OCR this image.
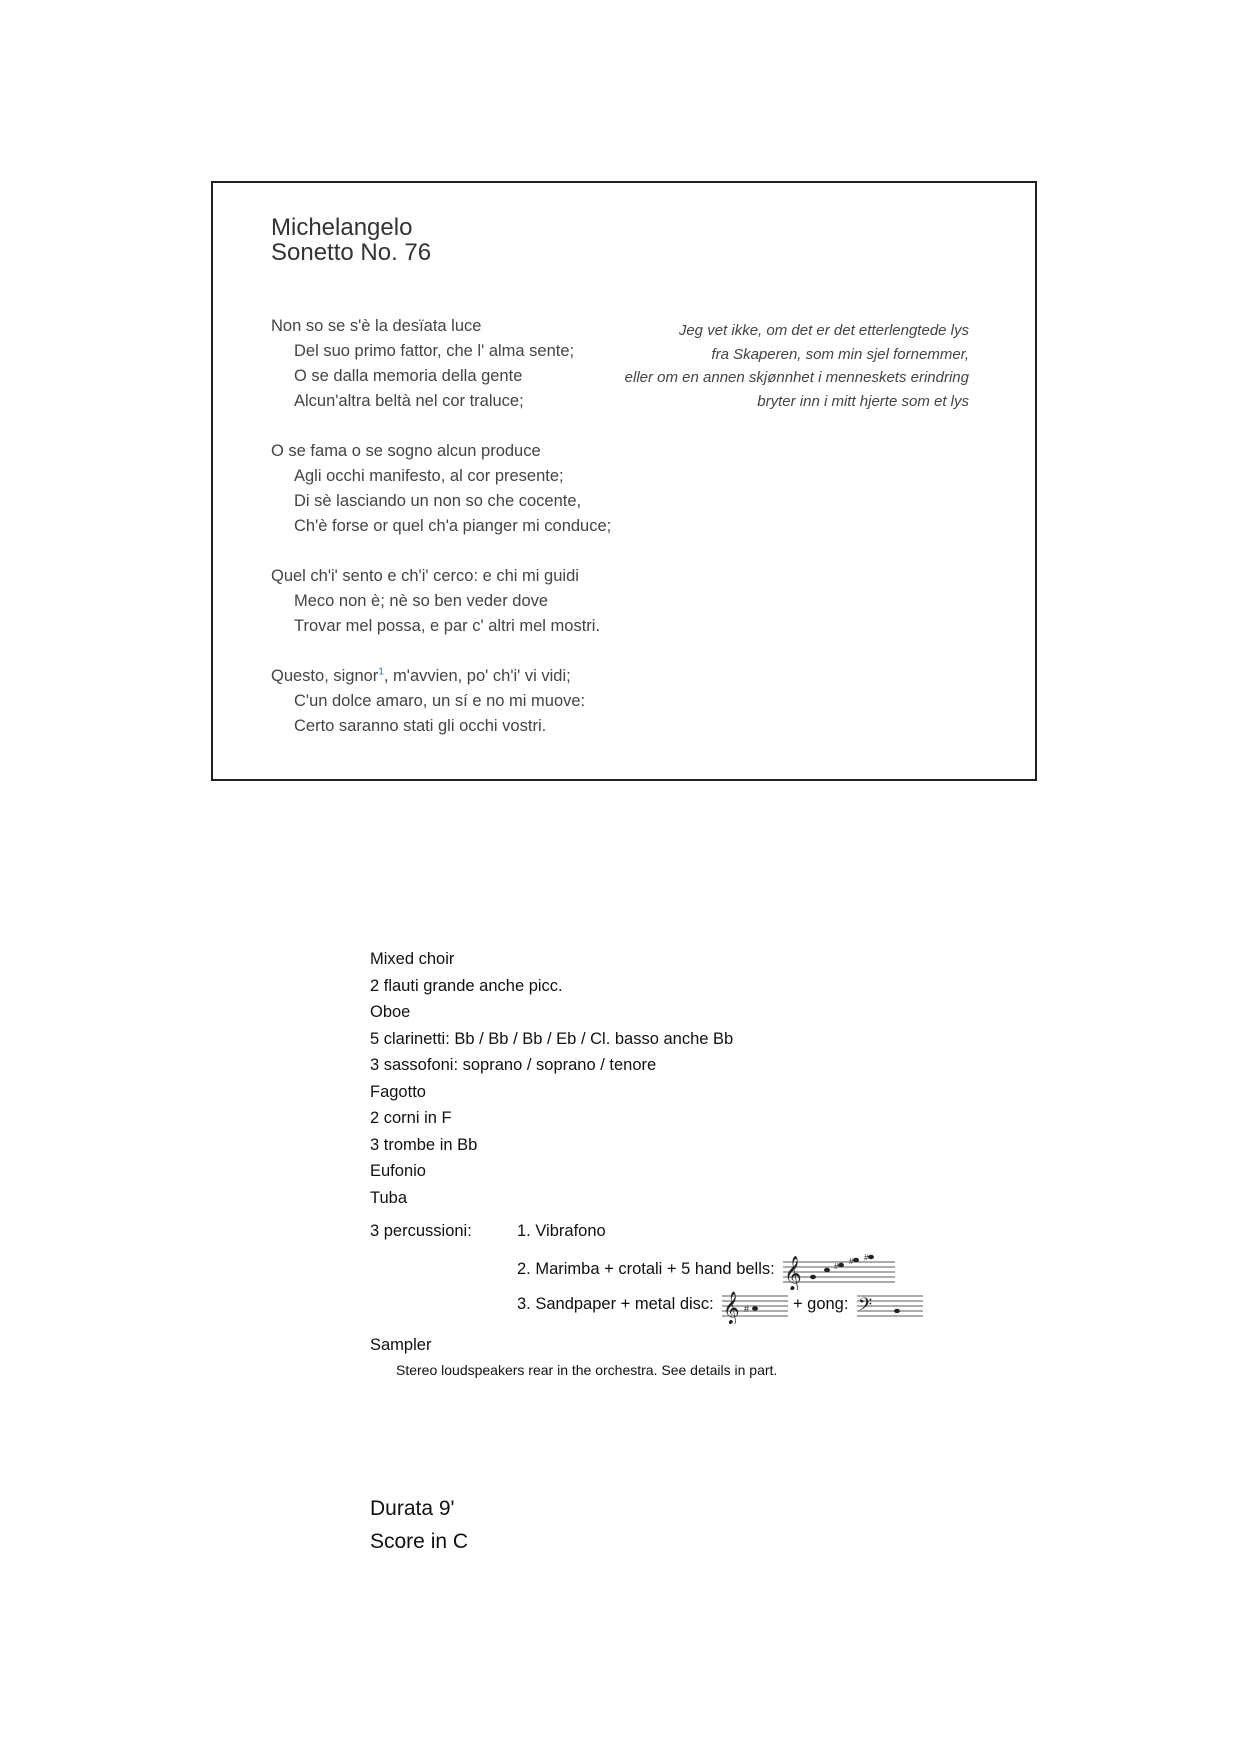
Michelangelo
Sonetto No. 76
Non so se s'è la desïata luce
Del suo primo fattor, che l' alma sente;
O se dalla memoria della gente
Alcun'altra beltà nel cor traluce;
O se fama o se sogno alcun produce
Agli occhi manifesto, al cor presente;
Di sè lasciando un non so che cocente,
Ch'è forse or quel ch'a pianger mi conduce;
Quel ch'i' sento e ch'i' cerco: e chi mi guidi
Meco non è; nè so ben veder dove
Trovar mel possa, e par c' altri mel mostri.
Questo, signor$^1$, m'avvien, po' ch'i' vi vidi;
C'un dolce amaro, un sí e no mi muove:
Certo saranno stati gli occhi vostri.
Jeg vet ikke, om det er det etterlengtede lys
fra Skaperen, som min sjel fornemmer,
eller om en annen skjønnhet i menneskets erindring
bryter inn i mitt hjerte som et lys
Mixed choir
2 flauti grande anche picc.
Oboe
5 clarinetti: Bb / Bb / Bb / Eb / Cl. basso anche Bb
3 sassofoni: soprano / soprano / tenore
Fagotto
2 corni in F
3 trombe in Bb
Eufonio
Tuba
3 percussioni:	1. Vibrafono
2. Marimba + crotali + 5 hand bells: 𝄞	#
# #
3. Sandpaper + metal disc: 𝄞 #	+ gong: 𝄢
Sampler
Stereo loudspeakers rear in the orchestra. See details in part.
Durata 9'
Score in C
